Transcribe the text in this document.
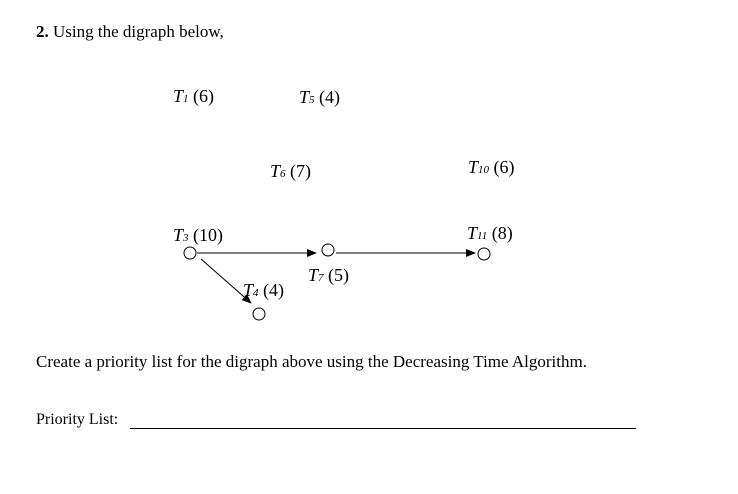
2. Using the digraph below,
T1 (6)	T5 (4)
T6 (7)	T10 (6)
T3 (10)	T11 (8)
T7 (5)
T4 (4)
Create a priority list for the digraph above using the Decreasing Time Algorithm.
Priority List:
